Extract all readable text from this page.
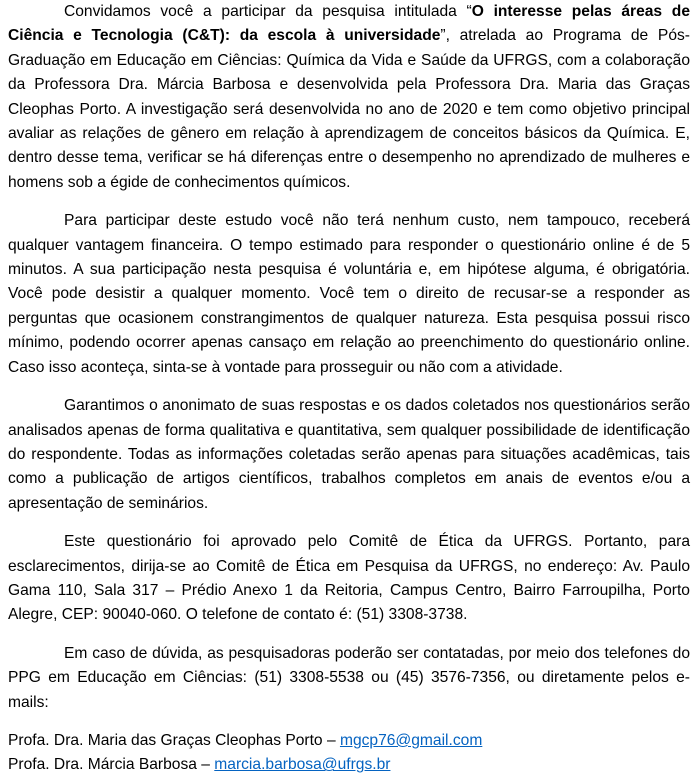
Convidamos você a participar da pesquisa intitulada “O interesse pelas áreas de Ciência e Tecnologia (C&T): da escola à universidade”, atrelada ao Programa de Pós-Graduação em Educação em Ciências: Química da Vida e Saúde da UFRGS, com a colaboração da Professora Dra. Márcia Barbosa e desenvolvida pela Professora Dra. Maria das Graças Cleophas Porto. A investigação será desenvolvida no ano de 2020 e tem como objetivo principal avaliar as relações de gênero em relação à aprendizagem de conceitos básicos da Química. E, dentro desse tema, verificar se há diferenças entre o desempenho no aprendizado de mulheres e homens sob a égide de conhecimentos químicos.

Para participar deste estudo você não terá nenhum custo, nem tampouco, receberá qualquer vantagem financeira. O tempo estimado para responder o questionário online é de 5 minutos. A sua participação nesta pesquisa é voluntária e, em hipótese alguma, é obrigatória. Você pode desistir a qualquer momento. Você tem o direito de recusar-se a responder as perguntas que ocasionem constrangimentos de qualquer natureza. Esta pesquisa possui risco mínimo, podendo ocorrer apenas cansaço em relação ao preenchimento do questionário online. Caso isso aconteça, sinta-se à vontade para prosseguir ou não com a atividade.

Garantimos o anonimato de suas respostas e os dados coletados nos questionários serão analisados apenas de forma qualitativa e quantitativa, sem qualquer possibilidade de identificação do respondente. Todas as informações coletadas serão apenas para situações acadêmicas, tais como a publicação de artigos científicos, trabalhos completos em anais de eventos e/ou a apresentação de seminários.

Este questionário foi aprovado pelo Comitê de Ética da UFRGS. Portanto, para esclarecimentos, dirija-se ao Comitê de Ética em Pesquisa da UFRGS, no endereço: Av. Paulo Gama 110, Sala 317 – Prédio Anexo 1 da Reitoria, Campus Centro, Bairro Farroupilha, Porto Alegre, CEP: 90040-060. O telefone de contato é: (51) 3308-3738.

Em caso de dúvida, as pesquisadoras poderão ser contatadas, por meio dos telefones do PPG em Educação em Ciências: (51) 3308-5538 ou (45) 3576-7356, ou diretamente pelos e-mails:

Profa. Dra. Maria das Graças Cleophas Porto – mgcp76@gmail.com

Profa. Dra. Márcia Barbosa – marcia.barbosa@ufrgs.br
